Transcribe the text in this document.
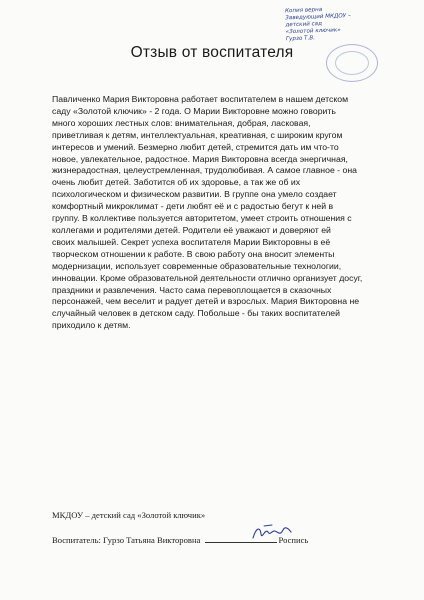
Копия верна
Заведующий МКДОУ –
детский сад
«Золотой ключик»
Гурзо Т.В.
Отзыв от воспитателя
Павличенко Мария Викторовна работает воспитателем в нашем детском
саду «Золотой ключик» - 2 года. О Марии Викторовне можно говорить
много хороших лестных слов: внимательная, добрая, ласковая,
приветливая к детям, интеллектуальная, креативная, с широким кругом
интересов и умений. Безмерно любит детей, стремится дать им что-то
новое, увлекательное, радостное. Мария Викторовна всегда энергичная,
жизнерадостная, целеустремленная, трудолюбивая. А самое главное - она
очень любит детей. Заботится об их здоровье, а так же об их
психологическом и физическом развитии. В группе она умело создает
комфортный микроклимат - дети любят её и с радостью бегут к ней в
группу. В коллективе пользуется авторитетом, умеет строить отношения с
коллегами и родителями детей. Родители её уважают и доверяют ей
своих малышей. Секрет успеха воспитателя Марии Викторовны в её
творческом отношении к работе. В свою работу она вносит элементы
модернизации, использует современные образовательные технологии,
инновации. Кроме образовательной деятельности отлично организует досуг,
праздники и развлечения. Часто сама перевоплощается в сказочных
персонажей, чем веселит и радует детей и взрослых. Мария Викторовна не
случайный человек в детском саду. Побольше - бы таких воспитателей
приходило к детям.
МКДОУ – детский сад «Золотой ключик»
Воспитатель: Гурзо Татьяна Викторовна	Роспись
